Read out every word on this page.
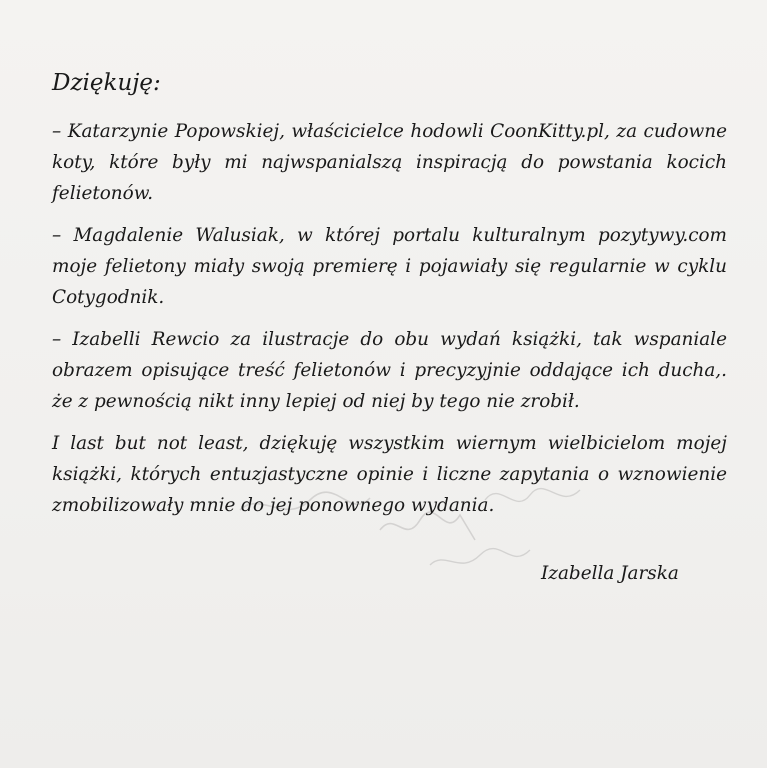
Dziękuję:
– Katarzynie Popowskiej, właścicielce hodowli CoonKitty.pl, za cudowne
koty, które były mi najwspanialszą inspiracją do powstania kocich
felietonów.
– Magdalenie Walusiak, w której portalu kulturalnym pozytywy.com
moje felietony miały swoją premierę i pojawiały się regularnie w cyklu
Cotygodnik.
– Izabelli Rewcio za ilustracje do obu wydań książki, tak wspaniale
obrazem opisujące treść felietonów i precyzyjnie oddające ich ducha,.
że z pewnością nikt inny lepiej od niej by tego nie zrobił.
I last but not least, dziękuję wszystkim wiernym wielbicielom mojej
książki, których entuzjastyczne opinie i liczne zapytania o wznowienie
zmobilizowały mnie do jej ponownego wydania.
Izabella Jarska
